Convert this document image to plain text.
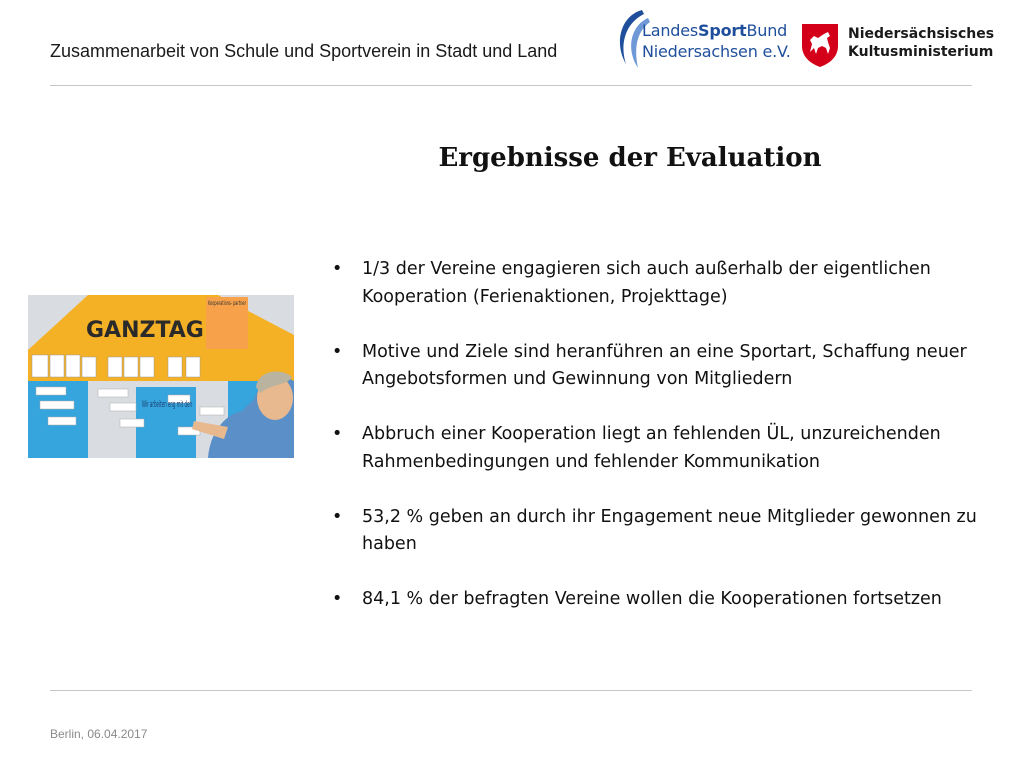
Zusammenarbeit von Schule und Sportverein in Stadt und Land
LandesSportBund
Niedersachsen e.V.
Niedersächsisches
Kultusministerium
Ergebnisse der Evaluation
GANZTAG
Kooperations- partner
Wir arbeiten eng mit den
• 1/3 der Vereine engagieren sich auch außerhalb der eigentlichen Kooperation (Ferienaktionen, Projekttage)
• Motive und Ziele sind heranführen an eine Sportart, Schaffung neuer Angebotsformen und Gewinnung von Mitgliedern
• Abbruch einer Kooperation liegt an fehlenden ÜL, unzureichenden Rahmenbedingungen und fehlender Kommunikation
• 53,2 % geben an durch ihr Engagement neue Mitglieder gewonnen zu haben
• 84,1 % der befragten Vereine wollen die Kooperationen fortsetzen
Berlin, 06.04.2017
